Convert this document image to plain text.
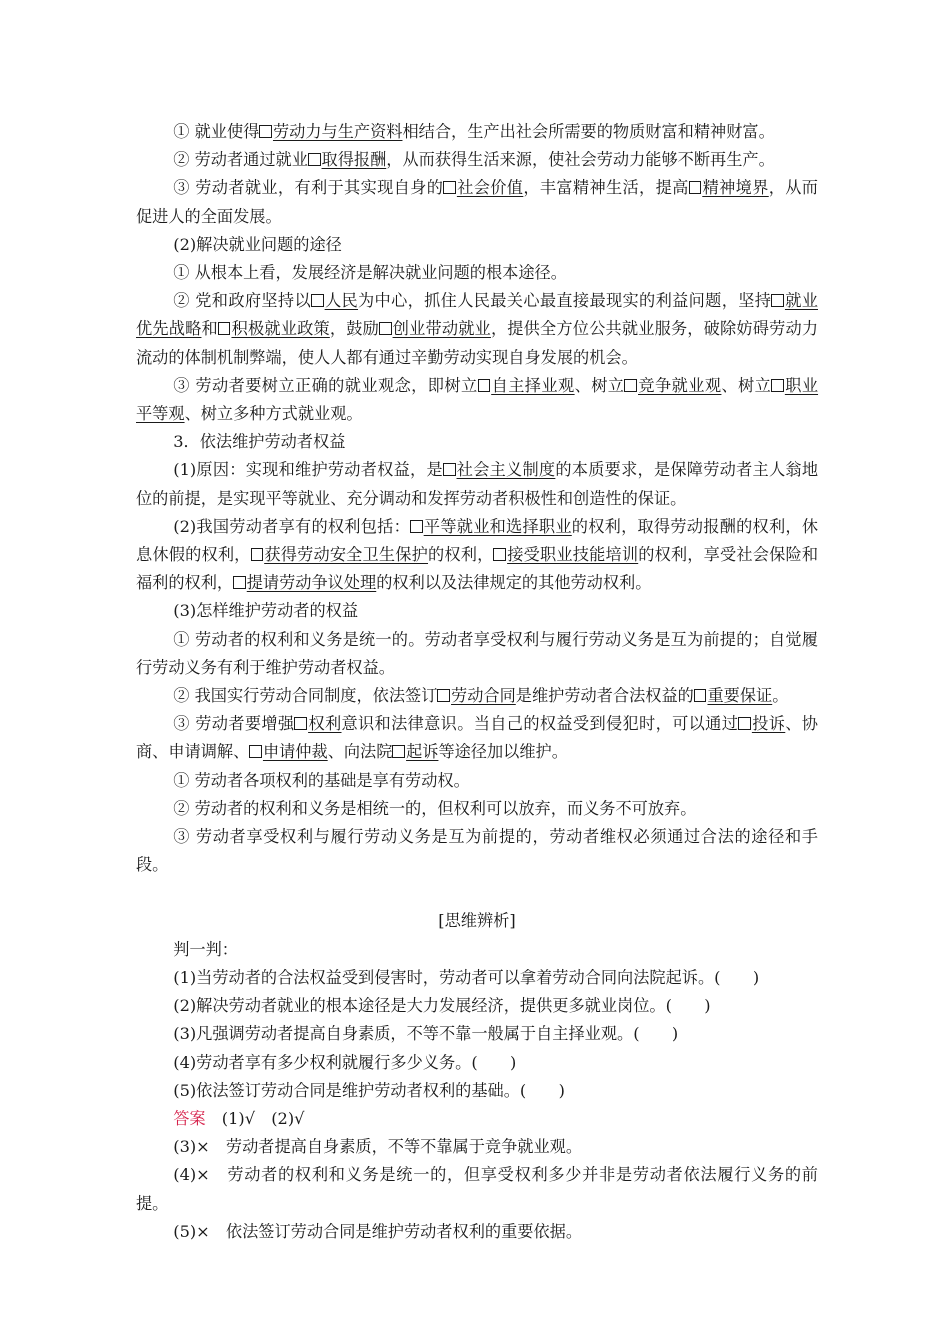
① 就业使得 劳动力与生产资料相结合，生产出社会所需要的物质财富和精神财富。

② 劳动者通过就业 取得报酬，从而获得生活来源，使社会劳动力能够不断再生产。

③ 劳动者就业，有利于其实现自身的 社会价值，丰富精神生活，提高 精神境界，从而促进人的全面发展。

(2)解决就业问题的途径

① 从根本上看，发展经济是解决就业问题的根本途径。

② 党和政府坚持以 人民为中心，抓住人民最关心最直接最现实的利益问题，坚持 就业优先战略和 积极就业政策，鼓励 创业带动就业，提供全方位公共就业服务，破除妨碍劳动力流动的体制机制弊端，使人人都有通过辛勤劳动实现自身发展的机会。

③ 劳动者要树立正确的就业观念，即树立 自主择业观、树立 竞争就业观、树立 职业平等观、树立多种方式就业观。

3．依法维护劳动者权益

(1)原因：实现和维护劳动者权益，是 社会主义制度的本质要求，是保障劳动者主人翁地位的前提，是实现平等就业、充分调动和发挥劳动者积极性和创造性的保证。

(2)我国劳动者享有的权利包括： 平等就业和选择职业的权利，取得劳动报酬的权利，休息休假的权利， 获得劳动安全卫生保护的权利， 接受职业技能培训的权利，享受社会保险和福利的权利， 提请劳动争议处理的权利以及法律规定的其他劳动权利。

(3)怎样维护劳动者的权益

① 劳动者的权利和义务是统一的。劳动者享受权利与履行劳动义务是互为前提的；自觉履行劳动义务有利于维护劳动者权益。

② 我国实行劳动合同制度，依法签订 劳动合同是维护劳动者合法权益的 重要保证。

③ 劳动者要增强 权利意识和法律意识。当自己的权益受到侵犯时，可以通过 投诉、协商、申请调解、 申请仲裁、向法院 起诉等途径加以维护。

① 劳动者各项权利的基础是享有劳动权。

② 劳动者的权利和义务是相统一的，但权利可以放弃，而义务不可放弃。

③ 劳动者享受权利与履行劳动义务是互为前提的，劳动者维权必须通过合法的途径和手段。

[思维辨析]

判一判：

(1)当劳动者的合法权益受到侵害时，劳动者可以拿着劳动合同向法院起诉。(　　)

(2)解决劳动者就业的根本途径是大力发展经济，提供更多就业岗位。(　　)

(3)凡强调劳动者提高自身素质，不等不靠一般属于自主择业观。(　　)

(4)劳动者享有多少权利就履行多少义务。(　　)

(5)依法签订劳动合同是维护劳动者权利的基础。(　　)

答案　(1)√　(2)√

(3)×　劳动者提高自身素质，不等不靠属于竞争就业观。

(4)×　劳动者的权利和义务是统一的，但享受权利多少并非是劳动者依法履行义务的前提。

(5)×　依法签订劳动合同是维护劳动者权利的重要依据。
